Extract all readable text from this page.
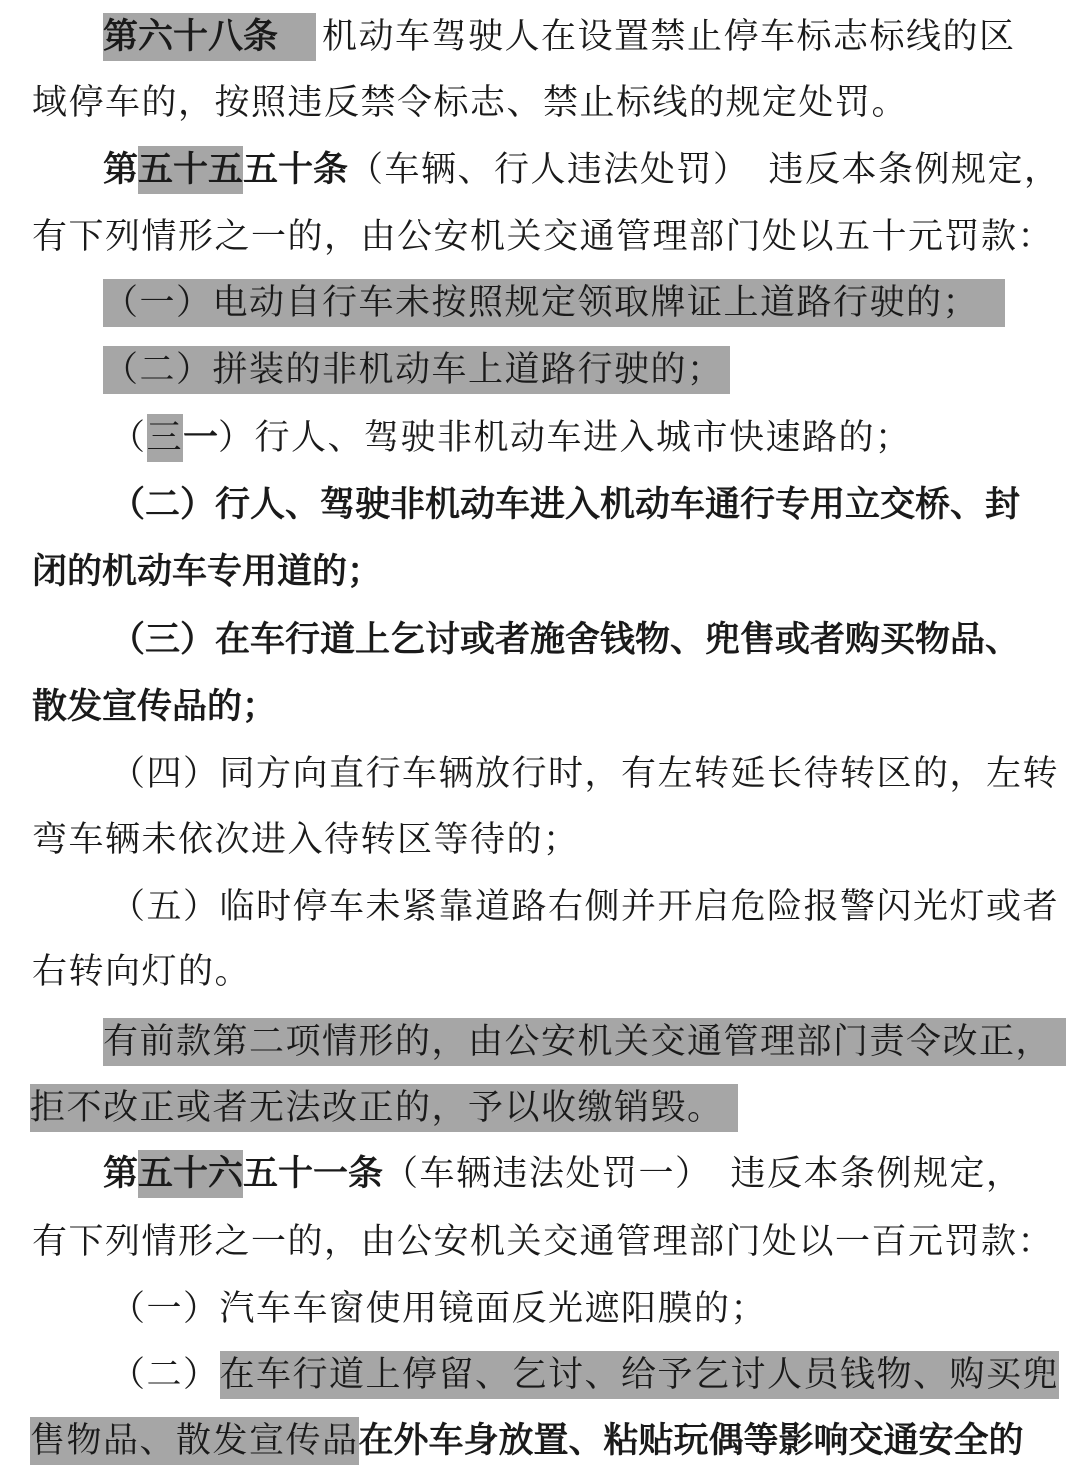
第六十八条 机动车驾驶人在设置禁止停车标志标线的区
域停车的，按照违反禁令标志、禁止标线的规定处罚。
第五十五五十条（车辆、行人违法处罚）　违反本条例规定，
有下列情形之一的，由公安机关交通管理部门处以五十元罚款：
（一）电动自行车未按照规定领取牌证上道路行驶的；
（二）拼装的非机动车上道路行驶的；
（三一）行人、驾驶非机动车进入城市快速路的；
（二）行人、驾驶非机动车进入机动车通行专用立交桥、封
闭的机动车专用道的；
（三）在车行道上乞讨或者施舍钱物、兜售或者购买物品、
散发宣传品的；
（四）同方向直行车辆放行时，有左转延长待转区的，左转
弯车辆未依次进入待转区等待的；
（五）临时停车未紧靠道路右侧并开启危险报警闪光灯或者
右转向灯的。
有前款第二项情形的，由公安机关交通管理部门责令改正，
拒不改正或者无法改正的，予以收缴销毁。
第五十六五十一条（车辆违法处罚一）　违反本条例规定，
有下列情形之一的，由公安机关交通管理部门处以一百元罚款：
（一）汽车车窗使用镜面反光遮阳膜的；
（二）在车行道上停留、乞讨、给予乞讨人员钱物、购买兜
售物品、散发宣传品在外车身放置、粘贴玩偶等影响交通安全的
